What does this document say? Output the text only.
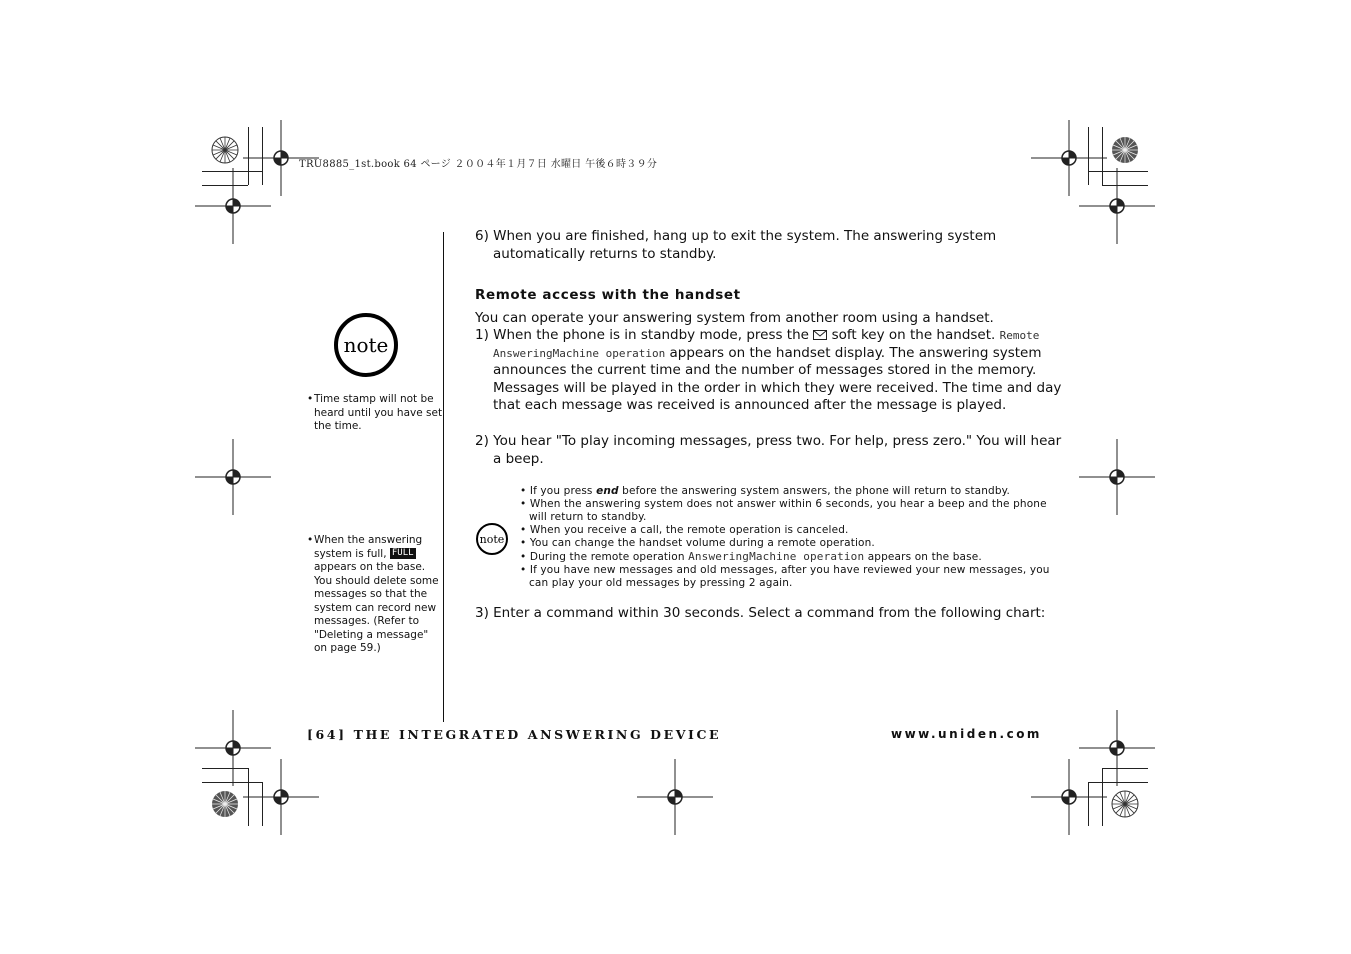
TRU8885_1st.book 64 ページ ２００４年１月７日 水曜日 午後６時３９分
note
• Time stamp will not be heard until you have set the time.
• When the answering system is full, FULL appears on the base. You should delete some messages so that the system can record new messages. (Refer to "Deleting a message" on page 59.)
6) When you are finished, hang up to exit the system. The answering system automatically returns to standby.
Remote access with the handset
You can operate your answering system from another room using a handset.
1) When the phone is in standby mode, press the soft key on the handset. Remote AnsweringMachine operation appears on the handset display. The answering system announces the current time and the number of messages stored in the memory. Messages will be played in the order in which they were received. The time and day that each message was received is announced after the message is played.
2) You hear "To play incoming messages, press two. For help, press zero." You will hear a beep.
note
• If you press end before the answering system answers, the phone will return to standby.
• When the answering system does not answer within 6 seconds, you hear a beep and the phone will return to standby.
• When you receive a call, the remote operation is canceled.
• You can change the handset volume during a remote operation.
• During the remote operation AnsweringMachine operation appears on the base.
• If you have new messages and old messages, after you have reviewed your new messages, you can play your old messages by pressing 2 again.
3) Enter a command within 30 seconds. Select a command from the following chart:
[64] THE INTEGRATED ANSWERING DEVICE	www.uniden.com
